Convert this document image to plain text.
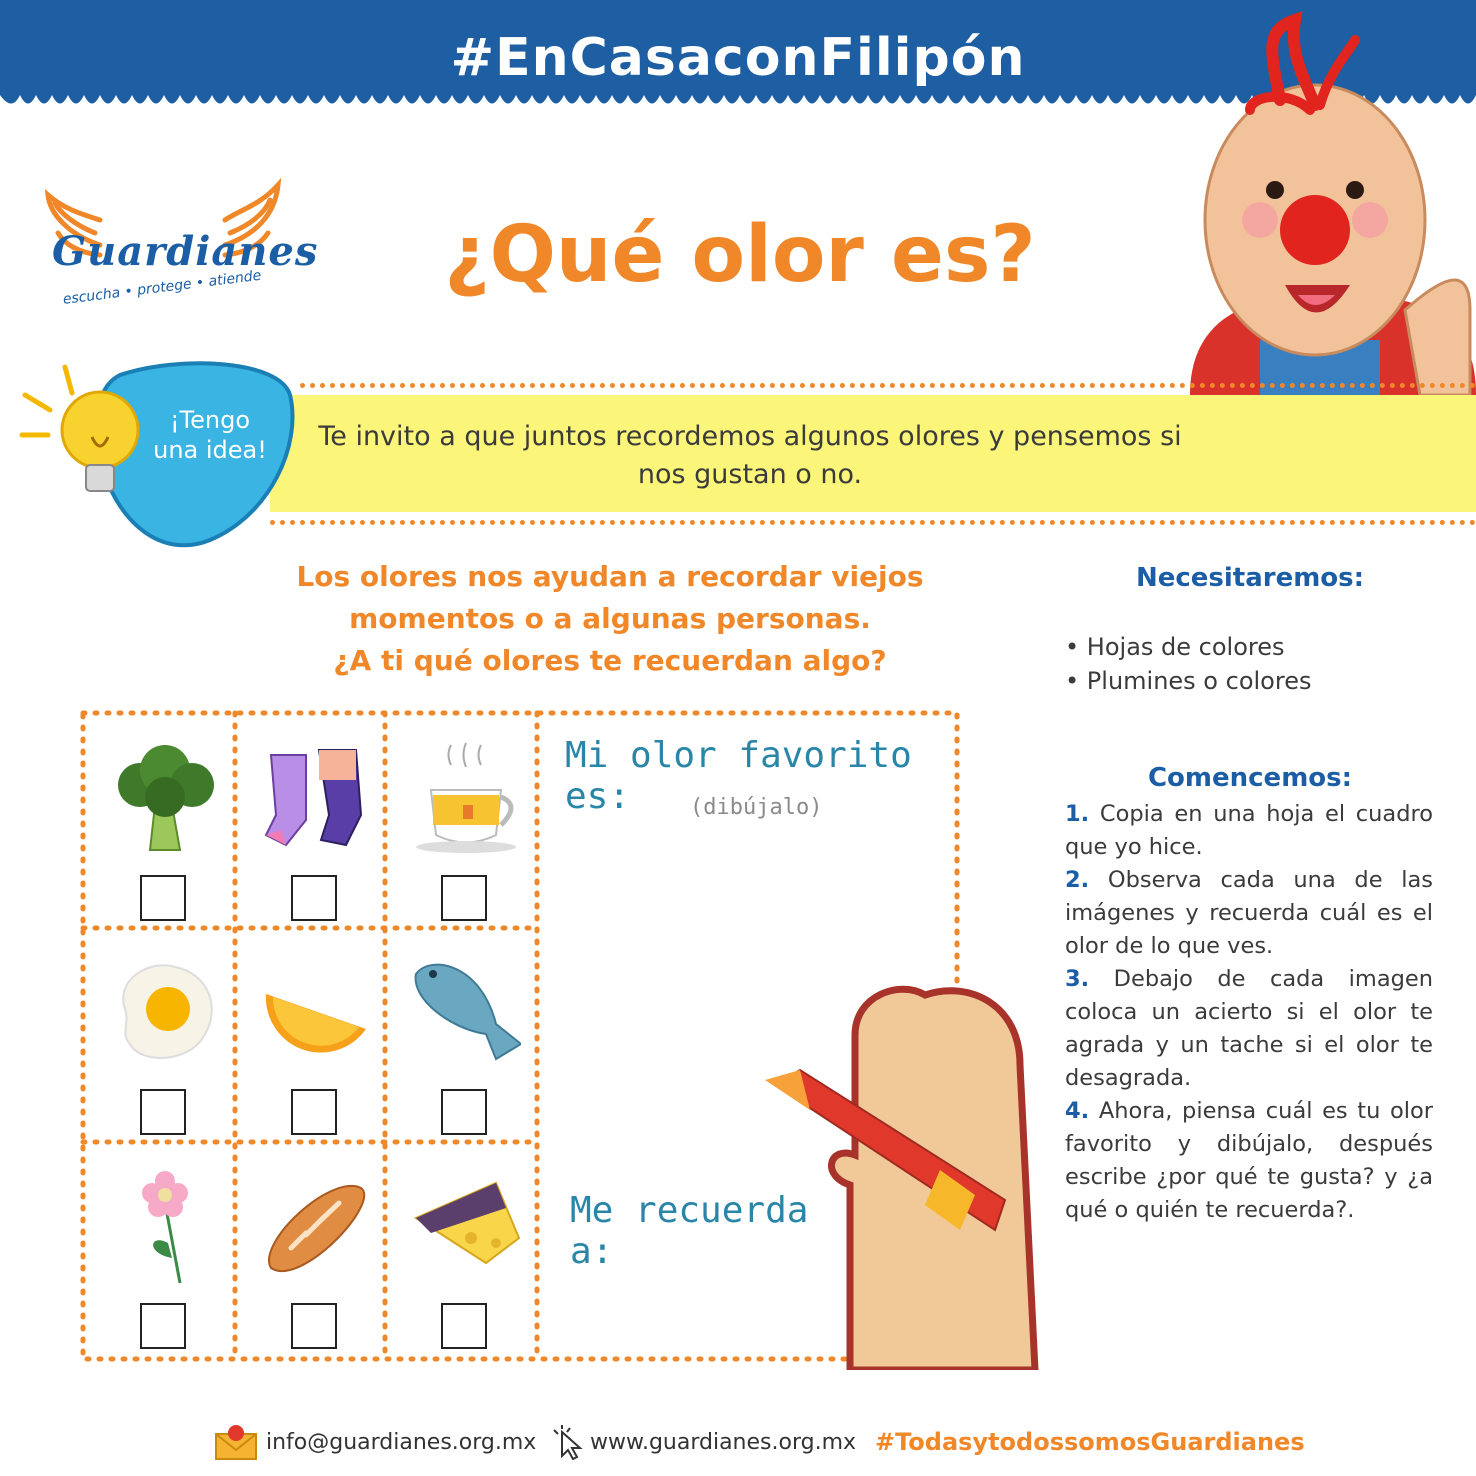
#EnCasaconFilipón
Guardianes
escucha • protege • atiende	¿Qué olor es?
¡Tengo una idea!	Te invito a que juntos recordemos algunos olores y pensemos si nos gustan o no.
Los olores nos ayudan a recordar viejos
momentos o a algunas personas.
¿A ti qué olores te recuerdan algo?
Mi olor favorito es:	(dibújalo)
Me recuerda a:
Necesitaremos:
• Hojas de colores
• Plumines o colores
Comencemos:
1. Copia en una hoja el cuadro que yo hice.
2. Observa cada una de las imágenes y recuerda cuál es el olor de lo que ves.
3. Debajo de cada imagen coloca un acierto si el olor te agrada y un tache si el olor te desagrada.
4. Ahora, piensa cuál es tu olor favorito y dibújalo, después escribe ¿por qué te gusta? y ¿a qué o quién te recuerda?.
info@guardianes.org.mx www.guardianes.org.mx #TodasytodossomosGuardianes
